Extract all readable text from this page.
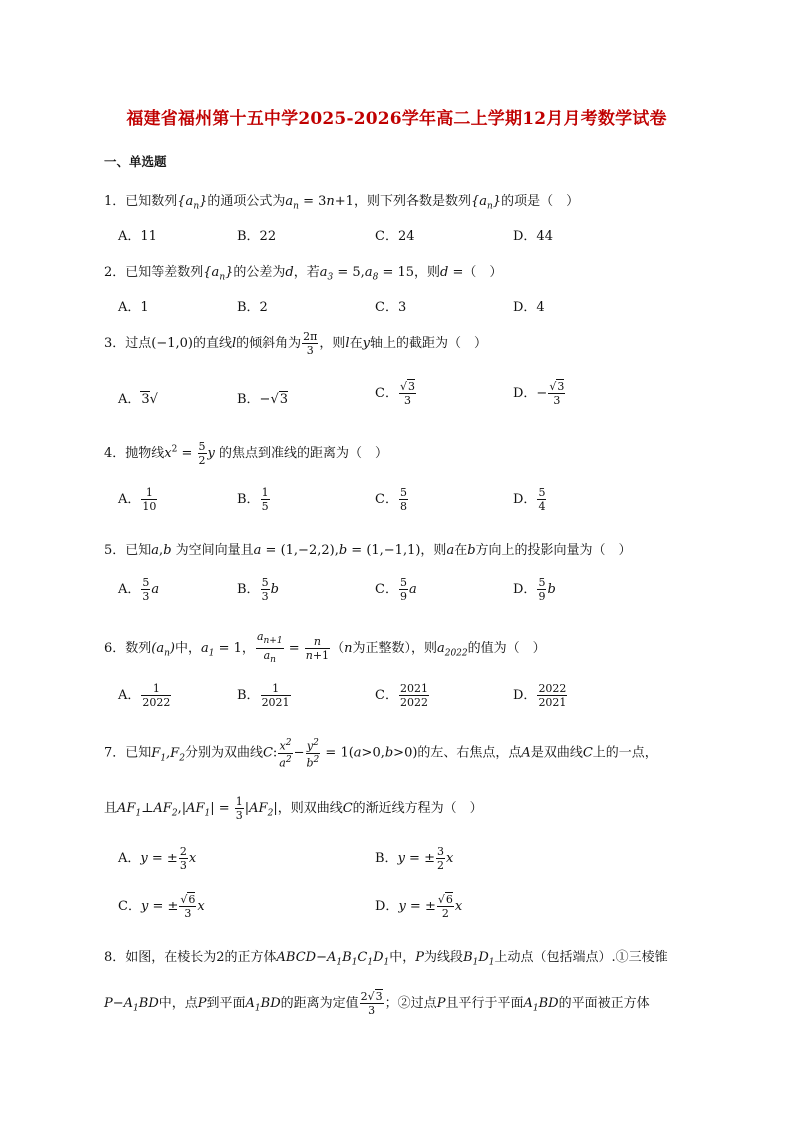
福建省福州第十五中学2025-2026学年高二上学期12月月考数学试卷
一、单选题
1．已知数列$\{a_n\}$的通项公式为$a_n = 3n+1$，则下列各数是数列$\{a_n\}$的项是（　）
A．11	B．22	C．24	D．44
2．已知等差数列$\{a_n\}$的公差为d，若$a_3 = 5,a_8 = 15$，则d =（　）
A．1	B．2	C．3	D．4
3．过点(−1,0)的直线l的倾斜角为 $\frac{2\pi}{3}$ ，则l在y轴上的截距为（　）
A．3√	B．−√3	C． $\frac{√3}{3}$	D．− $\frac{√3}{3}$
4．抛物线$x^2 = \frac{5}{2}$ y 的焦点到准线的距离为（　）
A． $\frac{1}{10}$	B． $\frac{1}{5}$	C． $\frac{5}{8}$	D． $\frac{5}{4}$
5．已知a,b 为空间向量且a = (1,−2,2),b = (1,−1,1)，则a在b方向上的投影向量为（　）
A． $\frac{5}{3}$ a	B． $\frac{5}{3}$ b	C． $\frac{5}{9}$ a	D． $\frac{5}{9}$ b
6．数列$(a_n)$中，$a_1 = 1$， $\frac{a_{n+1}}{a_n} = \frac{n}{n+1} (n$为正整数），则$a_{2022}$的值为（　）
A． $\frac{1}{2022}$	B． $\frac{1}{2021}$	C． $\frac{2021}{2022}$	D． $\frac{2022}{2021}$
7．已知$F_1,F_2$分别为双曲线C: $\frac{x^2}{a^2} - \frac{y^2}{b^2} = 1(a>0,b>0)$的左、右焦点，点A是双曲线C上的一点，
且$AF_1\perp AF_2,|AF_1| = \frac{1}{3} |AF_2|$，则双曲线C的渐近线方程为（　）
A．y = ± $\frac{2}{3}$ x	B．y = ± $\frac{3}{2}$ x
C．y = ± $\frac{√6}{3}$ x	D．y = ± $\frac{√6}{2}$ x
8．如图，在棱长为2的正方体$ABCD-A_1B_1C_1D_1$中，P为线段$B_1D_1$上动点（包括端点）.①三棱锥
$P-A_1BD$中，点P到平面$A_1BD$的距离为定值 $\frac{2√3}{3}$ ；②过点P且平行于平面$A_1BD$的平面被正方体
